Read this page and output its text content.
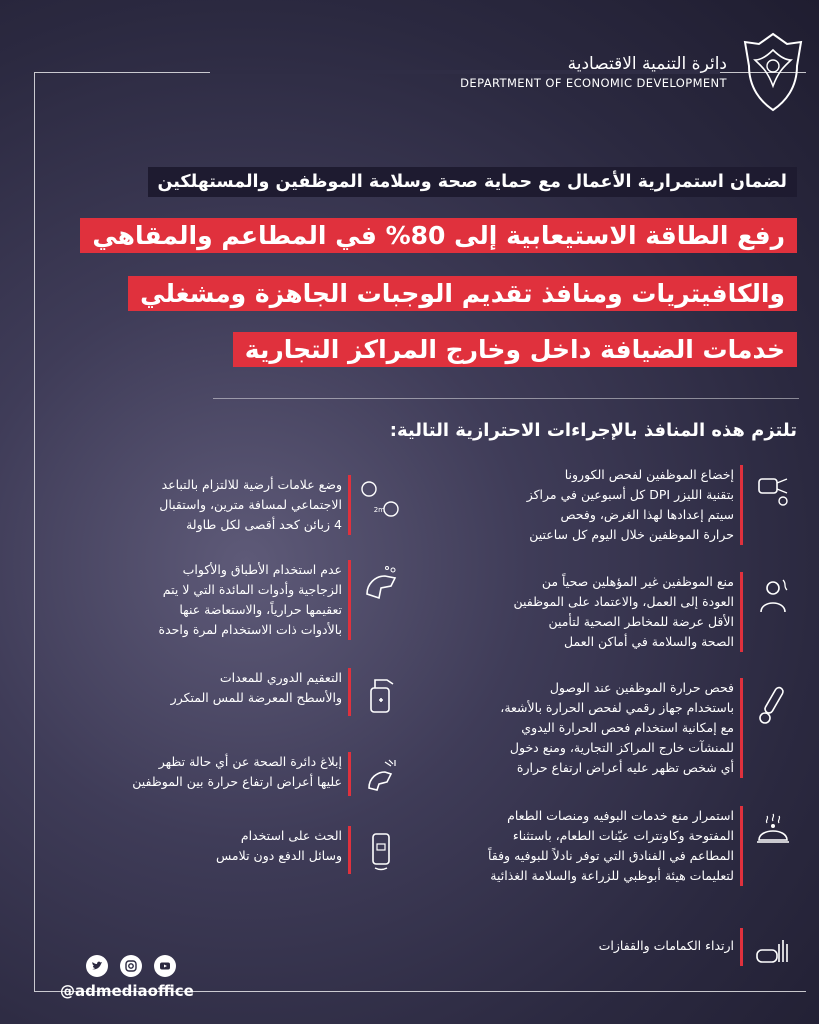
دائرة التنمية الاقتصادية
DEPARTMENT OF ECONOMIC DEVELOPMENT
لضمان استمرارية الأعمال مع حماية صحة وسلامة الموظفين والمستهلكين
رفع الطاقة الاستيعابية إلى 80% في المطاعم والمقاهي
والكافيتريات ومنافذ تقديم الوجبات الجاهزة ومشغلي
خدمات الضيافة داخل وخارج المراكز التجارية
تلتزم هذه المنافذ بالإجراءات الاحترازية التالية:
إخضاع الموظفين لفحص الكورونا
بتقنية الليزر DPI كل أسبوعين في مراكز
سيتم إعدادها لهذا الغرض، وفحص
حرارة الموظفين خلال اليوم كل ساعتين
منع الموظفين غير المؤهلين صحياً من
العودة إلى العمل، والاعتماد على الموظفين
الأقل عرضة للمخاطر الصحية لتأمين
الصحة والسلامة في أماكن العمل
فحص حرارة الموظفين عند الوصول
باستخدام جهاز رقمي لفحص الحرارة بالأشعة،
مع إمكانية استخدام فحص الحرارة اليدوي
للمنشآت خارج المراكز التجارية، ومنع دخول
أي شخص تظهر عليه أعراض ارتفاع حرارة
استمرار منع خدمات البوفيه ومنصات الطعام
المفتوحة وكاونترات عيّنات الطعام، باستثناء
المطاعم في الفنادق التي توفر نادلاً للبوفيه وفقاً
لتعليمات هيئة أبوظبي للزراعة والسلامة الغذائية
ارتداء الكمامات والقفازات
2m
وضع علامات أرضية للالتزام بالتباعد
الاجتماعي لمسافة مترين، واستقبال
4 زبائن كحد أقصى لكل طاولة
عدم استخدام الأطباق والأكواب
الزجاجية وأدوات المائدة التي لا يتم
تعقيمها حرارياً، والاستعاضة عنها
بالأدوات ذات الاستخدام لمرة واحدة
التعقيم الدوري للمعدات
والأسطح المعرضة للمس المتكرر
إبلاغ دائرة الصحة عن أي حالة تظهر
عليها أعراض ارتفاع حرارة بين الموظفين
الحث على استخدام
وسائل الدفع دون تلامس
@admediaoffice
